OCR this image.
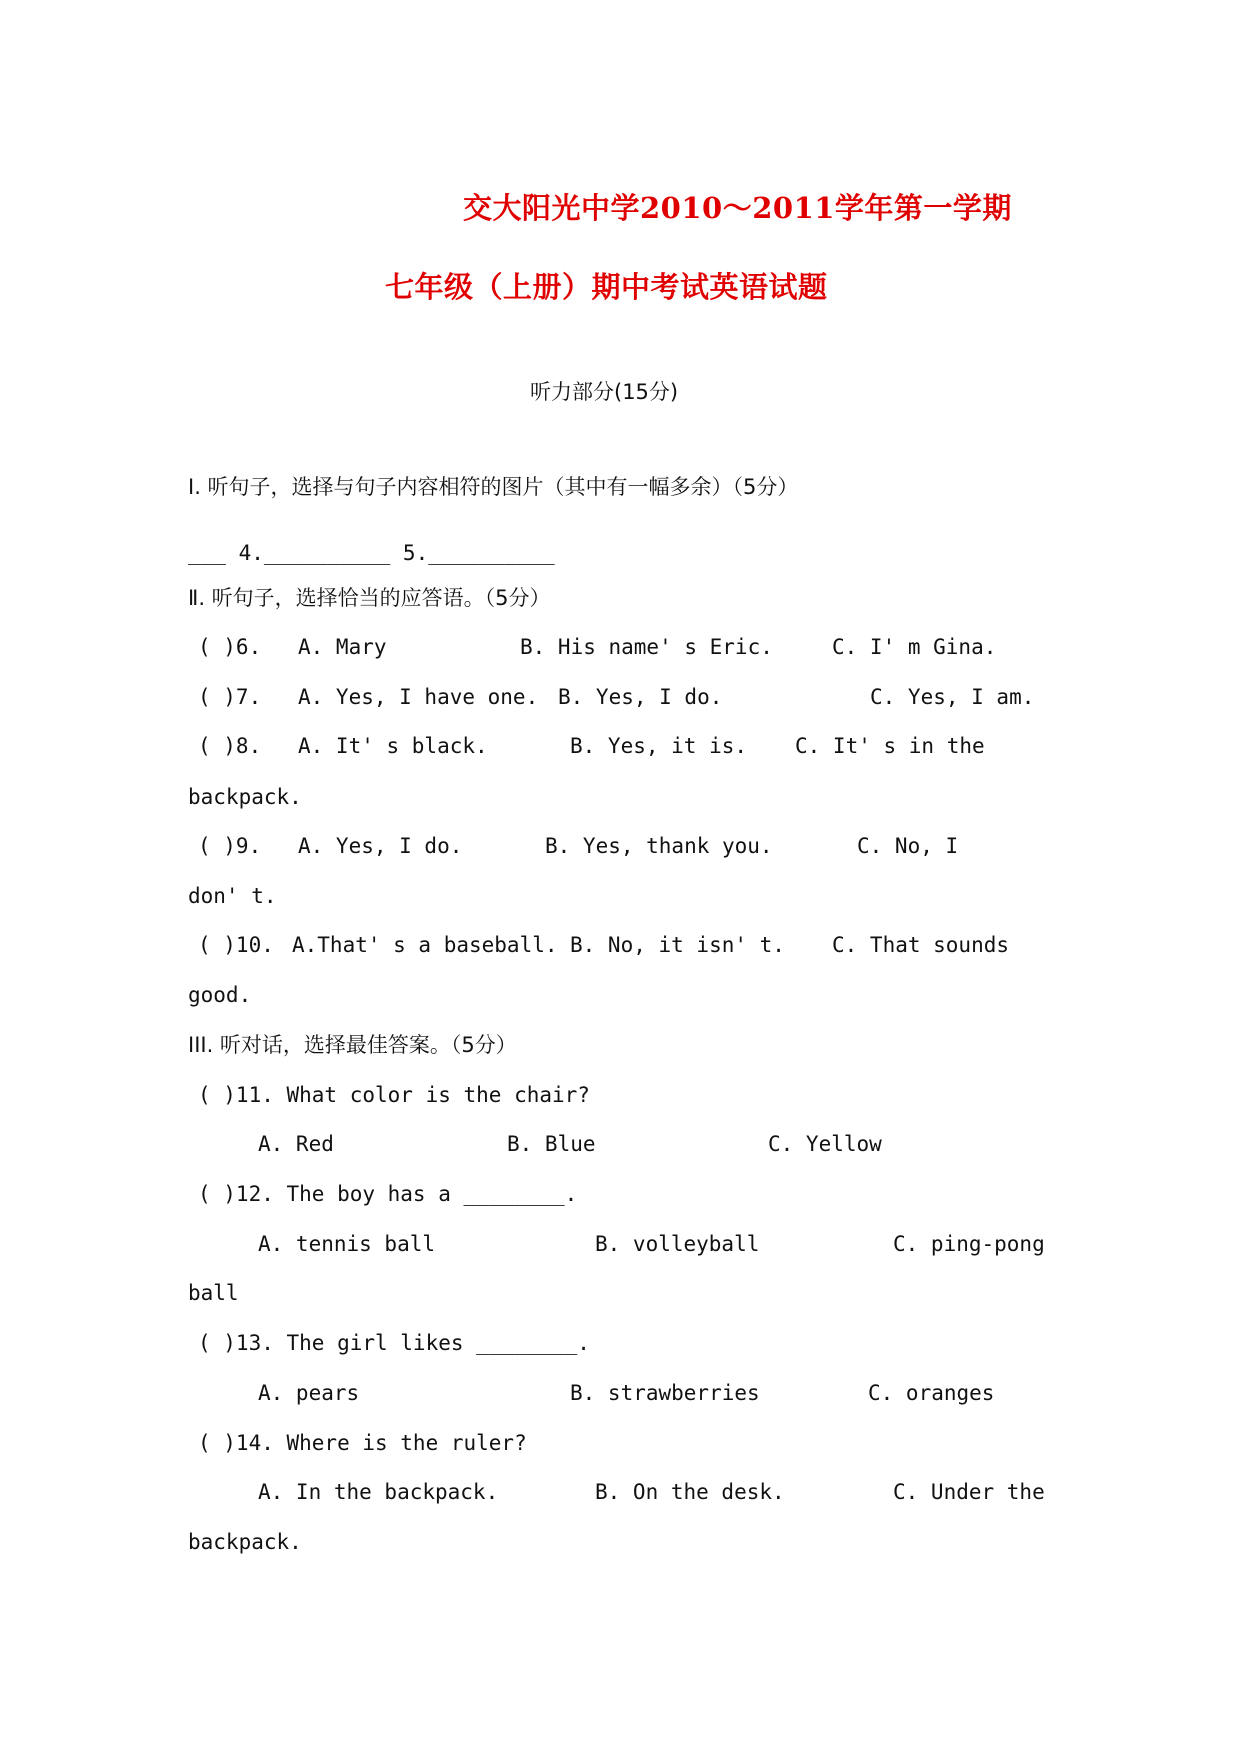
交大阳光中学2010～2011学年第一学期
七年级（上册）期中考试英语试题
听力部分(15分)
Ⅰ. 听句子，选择与句子内容相符的图片（其中有一幅多余）（5分）
___ 4.__________ 5.__________
Ⅱ. 听句子，选择恰当的应答语。（5分）
( )6. A. Mary	B. His name' s Eric.	C. I' m Gina.
( )7. A. Yes, I have one. B. Yes, I do.	C. Yes, I am.
( )8. A. It' s black.	B. Yes, it is. C. It' s in the
backpack.
( )9. A. Yes, I do.	B. Yes, thank you.	C. No, I
don' t.
( )10. A.That' s a baseball. B. No, it isn' t. C. That sounds
good.
III. 听对话，选择最佳答案。（5分）
( )11. What color is the chair?
A. Red	B. Blue	C. Yellow
( )12. The boy has a ________.
A. tennis ball	B. volleyball	C. ping-pong
ball
( )13. The girl likes ________.
A. pears	B. strawberries	C. oranges
( )14. Where is the ruler?
A. In the backpack.	B. On the desk.	C. Under the
backpack.
